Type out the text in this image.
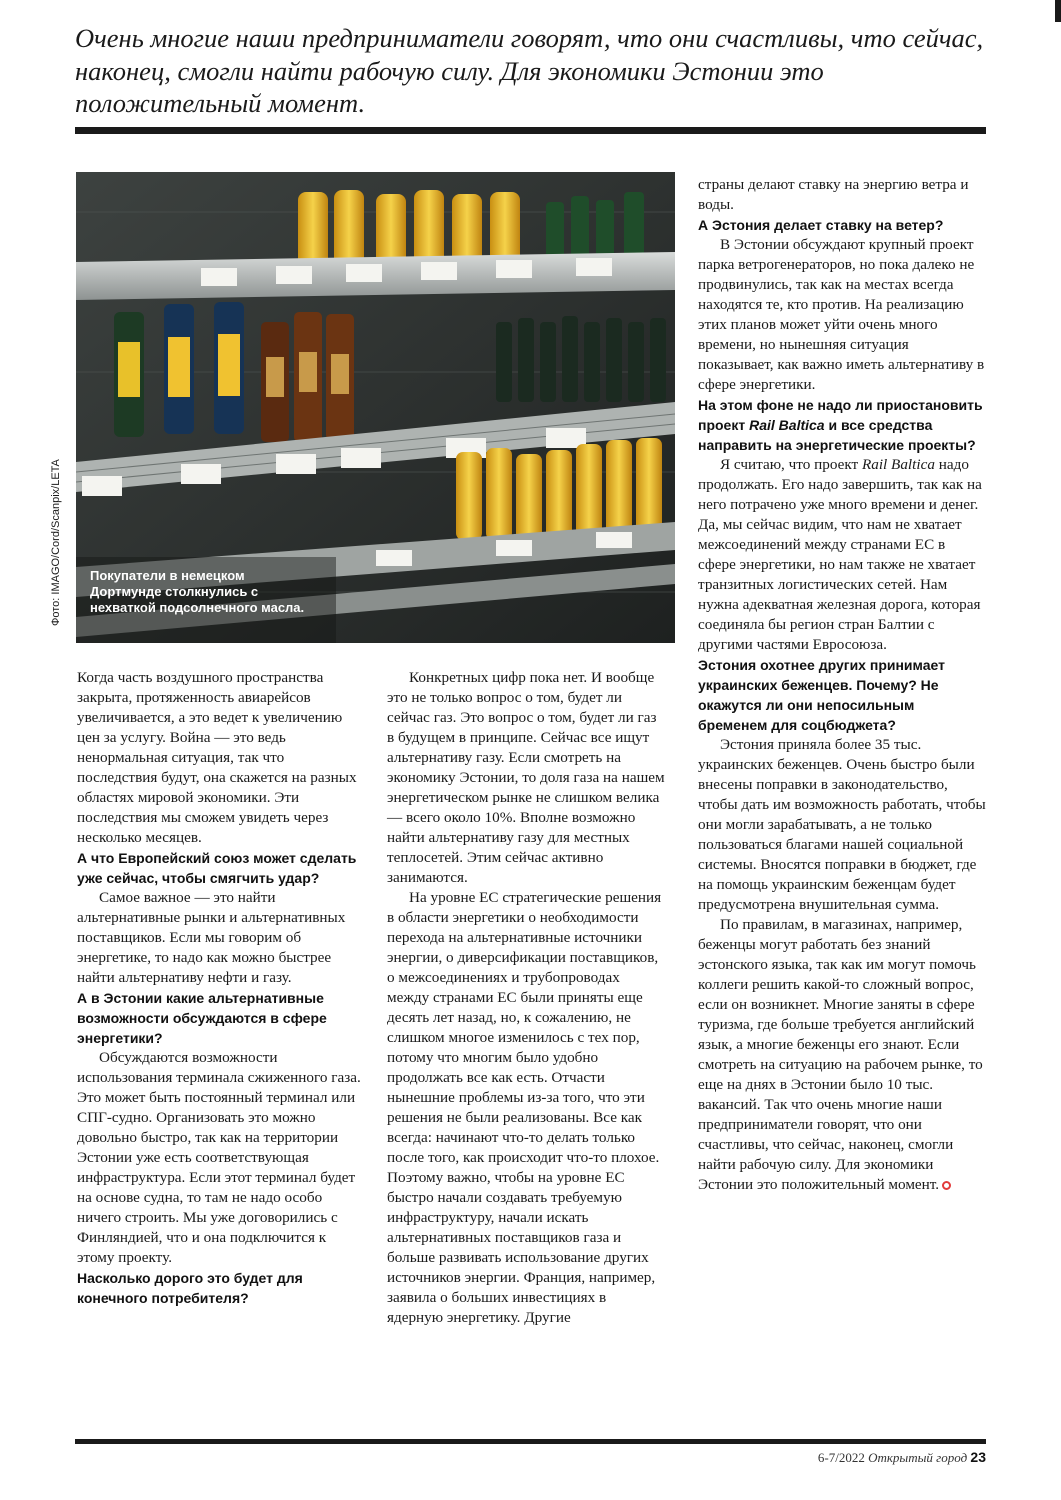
Очень многие наши предприниматели говорят, что они счастливы, что сейчас, наконец, смогли найти рабочую силу. Для экономики Эстонии это положительный момент.
Фото: IMAGO/Cord/Scanpix/LETA Покупатели в немецком Дортмунде столкнулись с нехваткой подсолнечного масла.

Когда часть воздушного пространства закрыта, протяженность авиарейсов увеличивается, а это ведет к увеличению цен за услугу. Война — это ведь ненормальная ситуация, так что последствия будут, она скажется на разных областях мировой экономики. Эти последствия мы сможем увидеть через несколько месяцев.

А что Европейский союз может сделать уже сейчас, чтобы смягчить удар?

Самое важное — это найти альтернативные рынки и альтернативных поставщиков. Если мы говорим об энергетике, то надо как можно быстрее найти альтернативу нефти и газу.

А в Эстонии какие альтернативные возможности обсуждаются в сфере энергетики?

Обсуждаются возможности использования терминала сжиженного газа. Это может быть постоянный терминал или СПГ-судно. Организовать это можно довольно быстро, так как на территории Эстонии уже есть соответствующая инфраструктура. Если этот терминал будет на основе судна, то там не надо особо ничего строить. Мы уже договорились с Финляндией, что и она подключится к этому проекту.

Насколько дорого это будет для конечного потребителя?

Конкретных цифр пока нет. И вообще это не только вопрос о том, будет ли сейчас газ. Это вопрос о том, будет ли газ в будущем в принципе. Сейчас все ищут альтернативу газу. Если смотреть на экономику Эстонии, то доля газа на нашем энергетическом рынке не слишком велика — всего около 10%. Вполне возможно найти альтернативу газу для местных теплосетей. Этим сейчас активно занимаются.

На уровне ЕС стратегические решения в области энергетики о необходимости перехода на альтернативные источники энергии, о диверсификации поставщиков, о межсоединениях и трубопроводах между странами ЕС были приняты еще десять лет назад, но, к сожалению, не слишком многое изменилось с тех пор, потому что многим было удобно продолжать все как есть. Отчасти нынешние проблемы из-за того, что эти решения не были реализованы. Все как всегда: начинают что-то делать только после того, как происходит что-то плохое. Поэтому важно, чтобы на уровне ЕС быстро начали создавать требуемую инфраструктуру, начали искать альтернативных поставщиков газа и больше развивать использование других источников энергии. Франция, например, заявила о больших инвестициях в ядерную энергетику. Другие

страны делают ставку на энергию ветра и воды.

А Эстония делает ставку на ветер?

В Эстонии обсуждают крупный проект парка ветрогенераторов, но пока далеко не продвинулись, так как на местах всегда находятся те, кто против. На реализацию этих планов может уйти очень много времени, но нынешняя ситуация показывает, как важно иметь альтернативу в сфере энергетики.

На этом фоне не надо ли приостановить проект Rail Baltica и все средства направить на энергетические проекты?

Я считаю, что проект Rail Baltica надо продолжать. Его надо завершить, так как на него потрачено уже много времени и денег. Да, мы сейчас видим, что нам не хватает межсоединений между странами ЕС в сфере энергетики, но нам также не хватает транзитных логистических сетей. Нам нужна адекватная железная дорога, которая соединяла бы регион стран Балтии с другими частями Евросоюза.

Эстония охотнее других принимает украинских беженцев. Почему? Не окажутся ли они непосильным бременем для соцбюджета?

Эстония приняла более 35 тыс. украинских беженцев. Очень быстро были внесены поправки в законодательство, чтобы дать им возможность работать, чтобы они могли зарабатывать, а не только пользоваться благами нашей социальной системы. Вносятся поправки в бюджет, где на помощь украинским беженцам будет предусмотрена внушительная сумма.

По правилам, в магазинах, например, беженцы могут работать без знаний эстонского языка, так как им могут помочь коллеги решить какой-то сложный вопрос, если он возникнет. Многие заняты в сфере туризма, где больше требуется английский язык, а многие беженцы его знают. Если смотреть на ситуацию на рабочем рынке, то еще на днях в Эстонии было 10 тыс. вакансий. Так что очень многие наши предприниматели говорят, что они счастливы, что сейчас, наконец, смогли найти рабочую силу. Для экономики Эстонии это положительный момент.

6-7/2022 Открытый город 23
